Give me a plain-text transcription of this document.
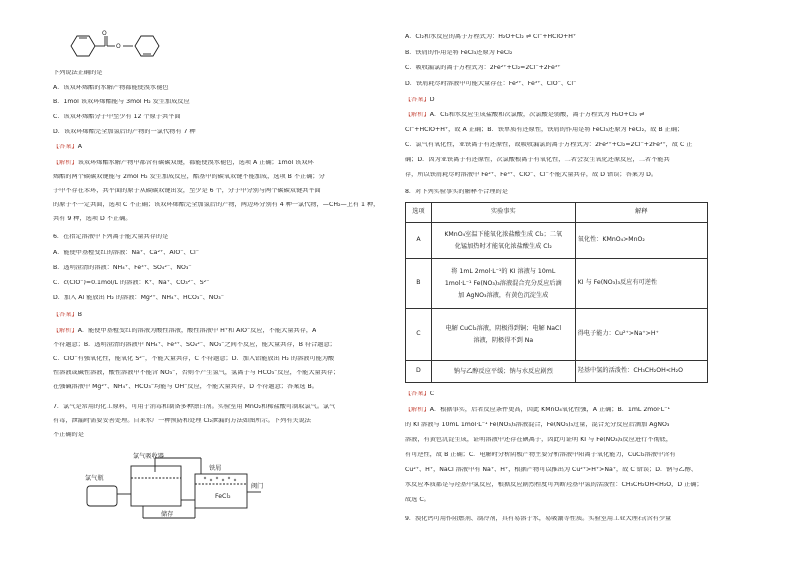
O
O
下列说法正确的是
A．该双环烯酯的水解产物都能使溴水褪色
B．1mol 该双环烯酯能与 3mol H₂ 发生加成反应
C．该双环烯酯分子中至少有 12 个原子共平面
D．该双环烯酯完全加氢后的产物的一氯代物有 7 种
【答案】A
【解析】该双环烯酯水解产物中都含有碳碳双键，都能使溴水褪色，选项 A 正确；1mol 该双环
烯酯的两个碳碳双键能与 2mol H₂ 发生加成反应，酯基中的碳氧双键不能加成，选项 B 不正确；分
子中不存在苯环，共平面的原子从碳碳双键出发，至少是 6 个，分子中分别与两个碳碳双键共平面
的原子不一定共面，选项 C 不正确；该双环烯酯完全加氢后的产物，两边环分别有 4 种一氯代物，—CH₂—上有 1 种，
共有 9 种，选项 D 不正确。
6．在指定溶液中下列离子能大量共存的是
A．能使甲基橙变红的溶液：Na⁺、Ca²⁺、AlO⁻、Cl⁻
B．透明澄清的溶液：NH₄⁺、Fe³⁺、SO₄²⁻、NO₃⁻
C．c(ClO⁻)=0.1mol/L 的溶液：K⁺、Na⁺、CO₃²⁻、S²⁻
D．加入 Al 能放出 H₂ 的溶液：Mg²⁺、NH₄⁺、HCO₃⁻、NO₃⁻
【答案】B
【解析】A．能使甲基橙变红的溶液为酸性溶液，酸性溶液中 H⁺和 AlO⁻反应，不能大量共存，A
不符题意；B．透明澄清的溶液中 NH₄⁺、Fe³⁺、SO₄²⁻、NO₃⁻之间不反应，能大量共存，B 符合题意；
C．ClO⁻有强氧化性，能氧化 S²⁻，不能大量共存，C 不符题意；D．加入铝能放出 H₂ 的溶液可能为酸
性溶液或碱性溶液，酸性溶液中不能含 NO₃⁻，否则不产生氢气，氢离子与 HCO₃⁻反应，不能大量共存；
在强碱溶液中 Mg²⁺、NH₄⁺、HCO₃⁻均能与 OH⁻反应，不能大量共存，D 不符题意；答案选 B。
7．氯气是常用的化工原料，可用于消毒和制备多种漂白剂。实验室用 MnO₂和稀盐酸可制取氯气。氯气
有毒，泄漏时需要妥善处理。自来水厂一种预防和处理 Cl₂泄漏的方法如图所示。下列有关说法
不正确的是
氯气瓶
氯气吸收器
铁屑
阀门
FeCl₂
储存
A．Cl₂和水反应的离子方程式为：H₂O+Cl₂ ⇌ Cl⁻+HClO+H⁺
B．铁屑的作用是将 FeCl₃还原为 FeCl₂
C．吸收漏氯的离子方程式为：2Fe²⁺+Cl₂=2Cl⁻+2Fe³⁺
D．铁屑耗尽时溶液中可能大量存在：Fe²⁺、Fe³⁺、ClO⁻、Cl⁻
【答案】D
【解析】A．Cl₂和水反应生成盐酸和次氯酸，次氯酸是弱酸，离子方程式为 H₂O+Cl₂ ⇌
Cl⁻+HClO+H⁺，故 A 正确；B．铁单质有还原性，铁屑的作用是将 FeCl₃还原为 FeCl₂，故 B 正确；
C．氯气有氧化性，亚铁离子有还原性，故吸收漏氯的离子方程式为：2Fe²⁺+Cl₂=2Cl⁻+2Fe³⁺，故 C 正
确；D．因为亚铁离子有还原性，次氯酸根离子有氧化性，二者会发生氧化还原反应，二者不能共
存，所以铁屑耗尽时溶液中 Fe²⁺、Fe³⁺、ClO⁻、Cl⁻不能大量共存，故 D 错误；答案为 D。
8．对下列实验事实的解释不合理的是
选项	实验事实	解释
A	KMnO₄室温下能氧化浓盐酸生成 Cl₂；二氧
化锰加热时才能氧化浓盐酸生成 Cl₂	氧化性：KMnO₄>MnO₂
B	将 1mL 2mol·L⁻¹的 KI 溶液与 10mL
1mol·L⁻¹ Fe(NO₃)₃溶液混合充分反应后滴
加 AgNO₃溶液，有黄色沉淀生成	KI 与 Fe(NO₃)₃反应有可逆性
C	电解 CuCl₂溶液，阴极得到铜；电解 NaCl
溶液，阴极得不到 Na	得电子能力：Cu²⁺>Na⁺>H⁺
D	钠与乙醇反应平缓；钠与水反应剧烈	羟基中氢的活泼性：CH₃CH₂OH<H₂O
【答案】C
【解析】A．根据事实，后者反应条件更高，因此 KMnO₄氧化性强，A 正确；B．1mL 2mol·L⁻¹
的 KI 溶液与 10mL 1mol·L⁻¹ Fe(NO₃)₃溶液混合，Fe(NO₃)₃过量，混合充分反应后滴加 AgNO₃
溶液，有黄色沉淀生成，证明溶液中还存在碘离子，因此可证明 KI 与 Fe(NO₃)₃反应进行不彻底，
有可逆性，故 B 正确；C．电解时分析阴极产物主要分析溶液中阳离子氧化能力，CuCl₂溶液中含有
Cu²⁺、H⁺，NaCl 溶液中有 Na⁺、H⁺，根据产物可以推出为 Cu²⁺>H⁺>Na⁺，故 C 错误；D．钠与乙醇、
水反应本质都是与羟基中氢反应，根据反应剧烈程度可判断羟基中氢的活泼性：CH₃CH₂OH<H₂O，D 正确；
故选 C。
9．溴化钙可用作阻燃剂、制冷剂，具有易溶于水，易吸潮等性质。实验室用工业大理石(含有少量
